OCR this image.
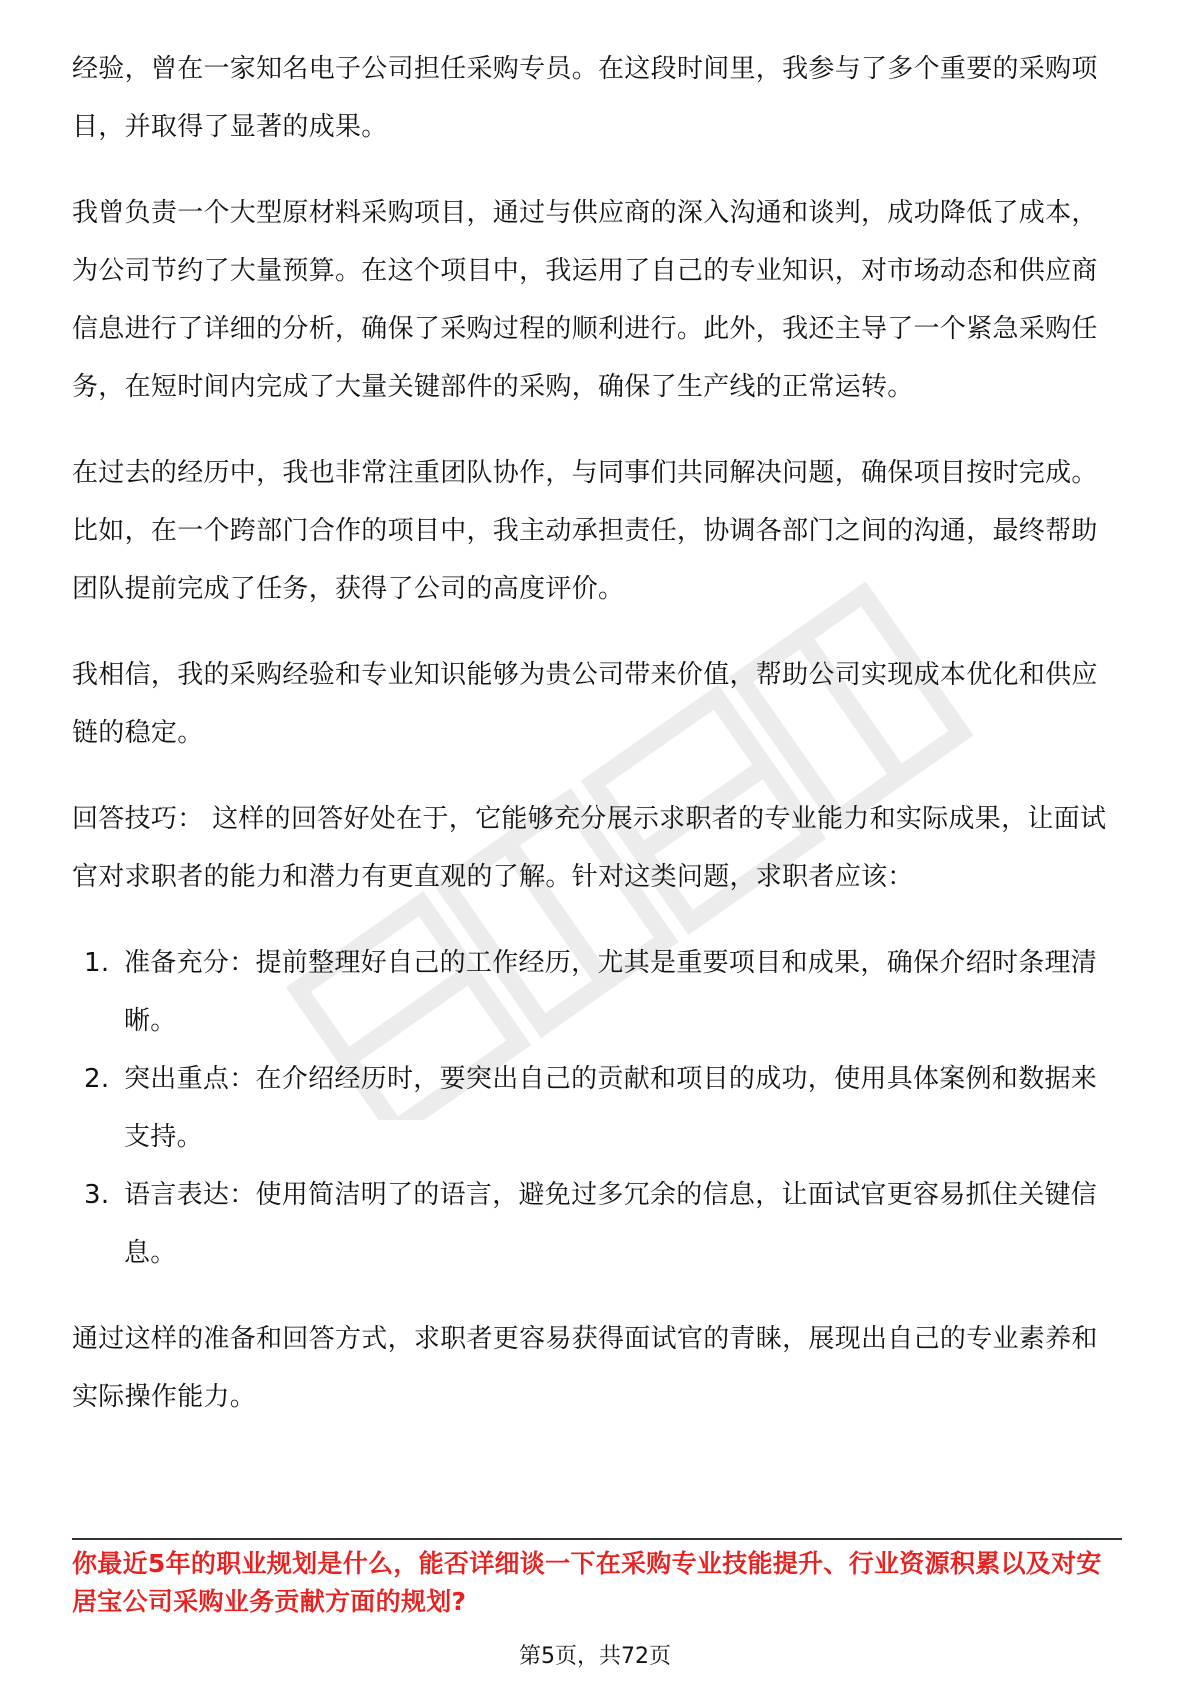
经验，曾在一家知名电子公司担任采购专员。在这段时间里，我参与了多个重要的采购项目，并取得了显著的成果。

我曾负责一个大型原材料采购项目，通过与供应商的深入沟通和谈判，成功降低了成本，为公司节约了大量预算。在这个项目中，我运用了自己的专业知识，对市场动态和供应商信息进行了详细的分析，确保了采购过程的顺利进行。此外，我还主导了一个紧急采购任务，在短时间内完成了大量关键部件的采购，确保了生产线的正常运转。

在过去的经历中，我也非常注重团队协作，与同事们共同解决问题，确保项目按时完成。比如，在一个跨部门合作的项目中，我主动承担责任，协调各部门之间的沟通，最终帮助团队提前完成了任务，获得了公司的高度评价。

我相信，我的采购经验和专业知识能够为贵公司带来价值，帮助公司实现成本优化和供应链的稳定。

回答技巧： 这样的回答好处在于，它能够充分展示求职者的专业能力和实际成果，让面试官对求职者的能力和潜力有更直观的了解。针对这类问题，求职者应该：

1. 准备充分：提前整理好自己的工作经历，尤其是重要项目和成果，确保介绍时条理清晰。
2. 突出重点：在介绍经历时，要突出自己的贡献和项目的成功，使用具体案例和数据来支持。
3. 语言表达：使用简洁明了的语言，避免过多冗余的信息，让面试官更容易抓住关键信息。

通过这样的准备和回答方式，求职者更容易获得面试官的青睐，展现出自己的专业素养和实际操作能力。

你最近5年的职业规划是什么，能否详细谈一下在采购专业技能提升、行业资源积累以及对安居宝公司采购业务贡献方面的规划?

第5页，共72页
